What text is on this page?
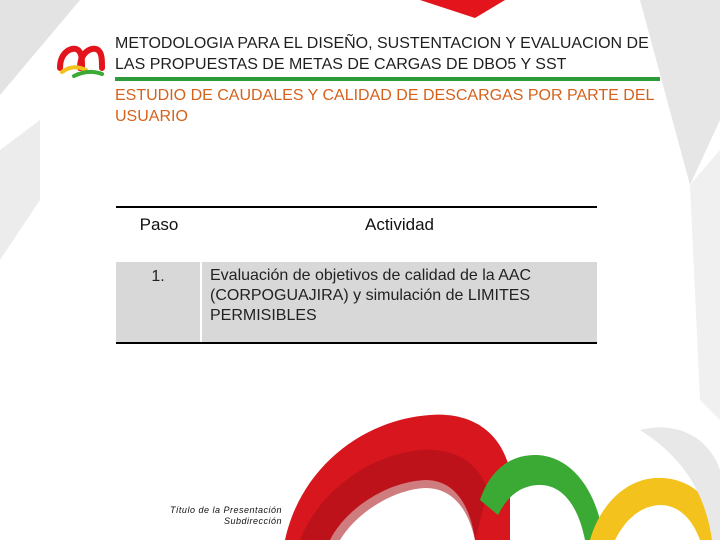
METODOLOGIA PARA EL DISEÑO, SUSTENTACION Y EVALUACION DE LAS PROPUESTAS DE METAS DE CARGAS DE DBO5 Y SST
ESTUDIO DE CAUDALES Y CALIDAD DE DESCARGAS POR PARTE DEL USUARIO
Paso	Actividad
1.	Evaluación de objetivos de calidad de la AAC (CORPOGUAJIRA) y simulación de LIMITES PERMISIBLES
Título de la Presentación
Subdirección
